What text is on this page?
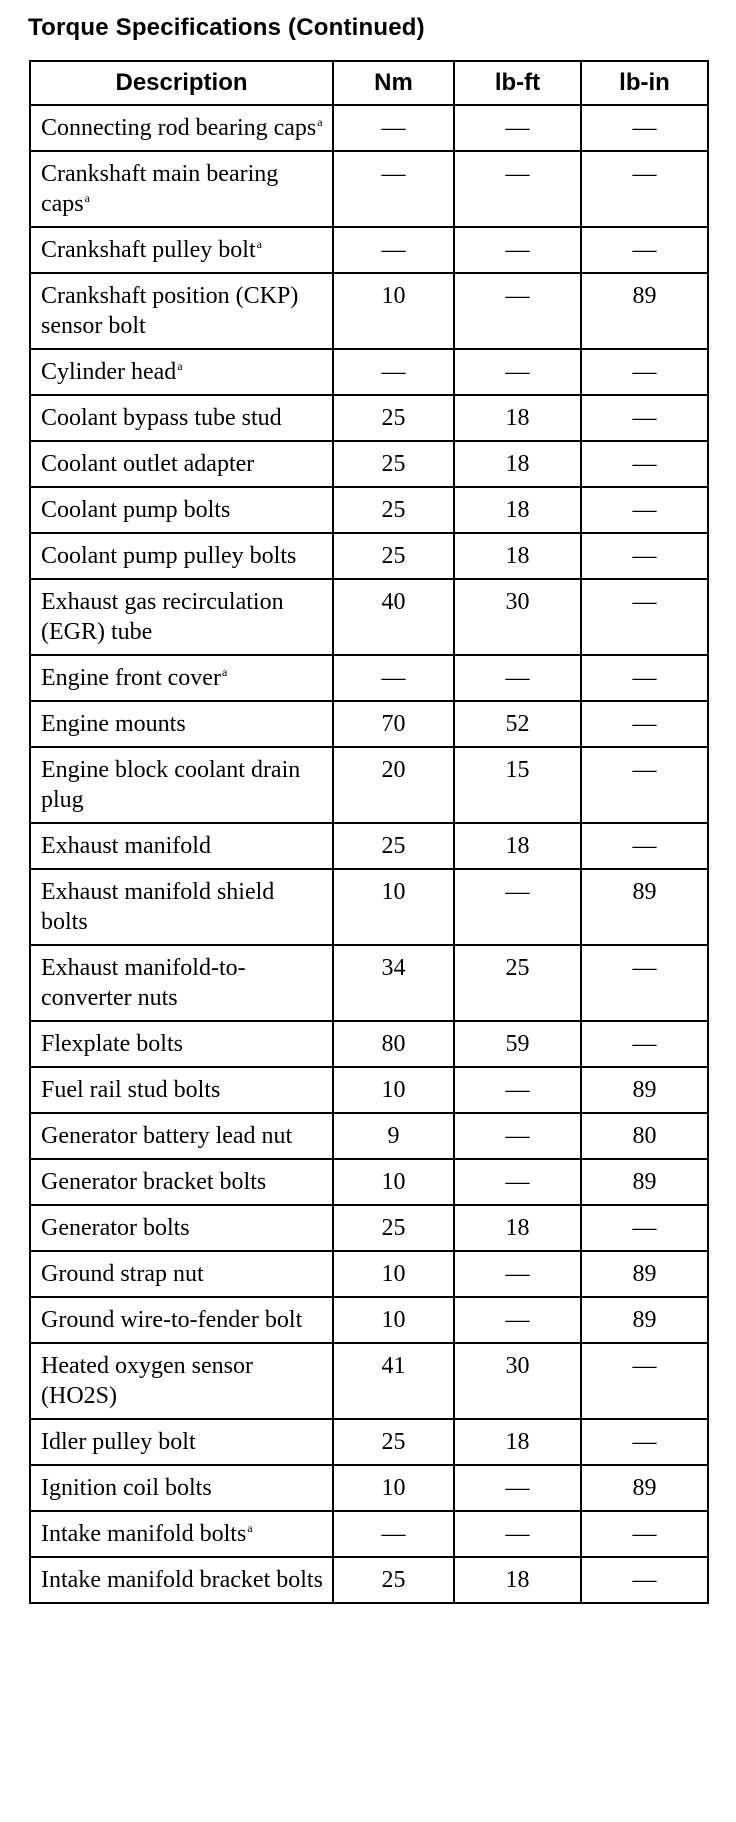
Torque Specifications (Continued)
Description	Nm	lb-ft	lb-in
Connecting rod bearing caps$^a$	—	—	—
Crankshaft main bearing caps$^a$	—	—	—
Crankshaft pulley bolt$^a$	—	—	—
Crankshaft position (CKP) sensor bolt	10	—	89
Cylinder head$^a$	—	—	—
Coolant bypass tube stud	25	18	—
Coolant outlet adapter	25	18	—
Coolant pump bolts	25	18	—
Coolant pump pulley bolts	25	18	—
Exhaust gas recirculation (EGR) tube	40	30	—
Engine front cover$^a$	—	—	—
Engine mounts	70	52	—
Engine block coolant drain plug	20	15	—
Exhaust manifold	25	18	—
Exhaust manifold shield bolts	10	—	89
Exhaust manifold-to-converter nuts	34	25	—
Flexplate bolts	80	59	—
Fuel rail stud bolts	10	—	89
Generator battery lead nut	9	—	80
Generator bracket bolts	10	—	89
Generator bolts	25	18	—
Ground strap nut	10	—	89
Ground wire-to-fender bolt	10	—	89
Heated oxygen sensor (HO2S)	41	30	—
Idler pulley bolt	25	18	—
Ignition coil bolts	10	—	89
Intake manifold bolts$^a$	—	—	—
Intake manifold bracket bolts	25	18	—
